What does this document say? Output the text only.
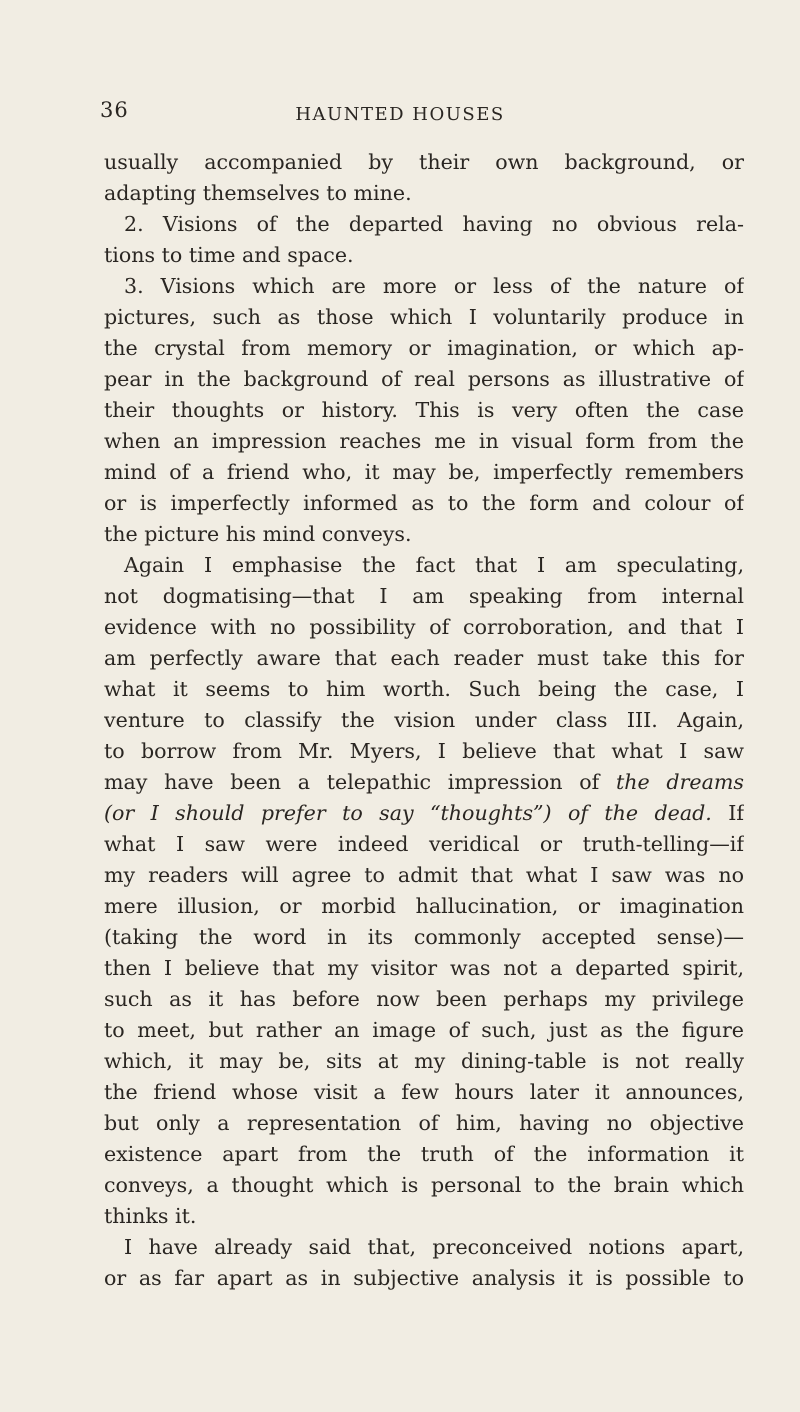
36	HAUNTED HOUSES
usually accompanied by their own background, or
adapting themselves to mine.
2. Visions of the departed having no obvious rela-
tions to time and space.
3. Visions which are more or less of the nature of
pictures, such as those which I voluntarily produce in
the crystal from memory or imagination, or which ap-
pear in the background of real persons as illustrative of
their thoughts or history. This is very often the case
when an impression reaches me in visual form from the
mind of a friend who, it may be, imperfectly remembers
or is imperfectly informed as to the form and colour of
the picture his mind conveys.
Again I emphasise the fact that I am speculating,
not dogmatising—that I am speaking from internal
evidence with no possibility of corroboration, and that I
am perfectly aware that each reader must take this for
what it seems to him worth. Such being the case, I
venture to classify the vision under class III. Again,
to borrow from Mr. Myers, I believe that what I saw
may have been a telepathic impression of the dreams
(or I should prefer to say “thoughts”) of the dead. If
what I saw were indeed veridical or truth-telling—if
my readers will agree to admit that what I saw was no
mere illusion, or morbid hallucination, or imagination
(taking the word in its commonly accepted sense)—
then I believe that my visitor was not a departed spirit,
such as it has before now been perhaps my privilege
to meet, but rather an image of such, just as the figure
which, it may be, sits at my dining-table is not really
the friend whose visit a few hours later it announces,
but only a representation of him, having no objective
existence apart from the truth of the information it
conveys, a thought which is personal to the brain which
thinks it.
I have already said that, preconceived notions apart,
or as far apart as in subjective analysis it is possible to
